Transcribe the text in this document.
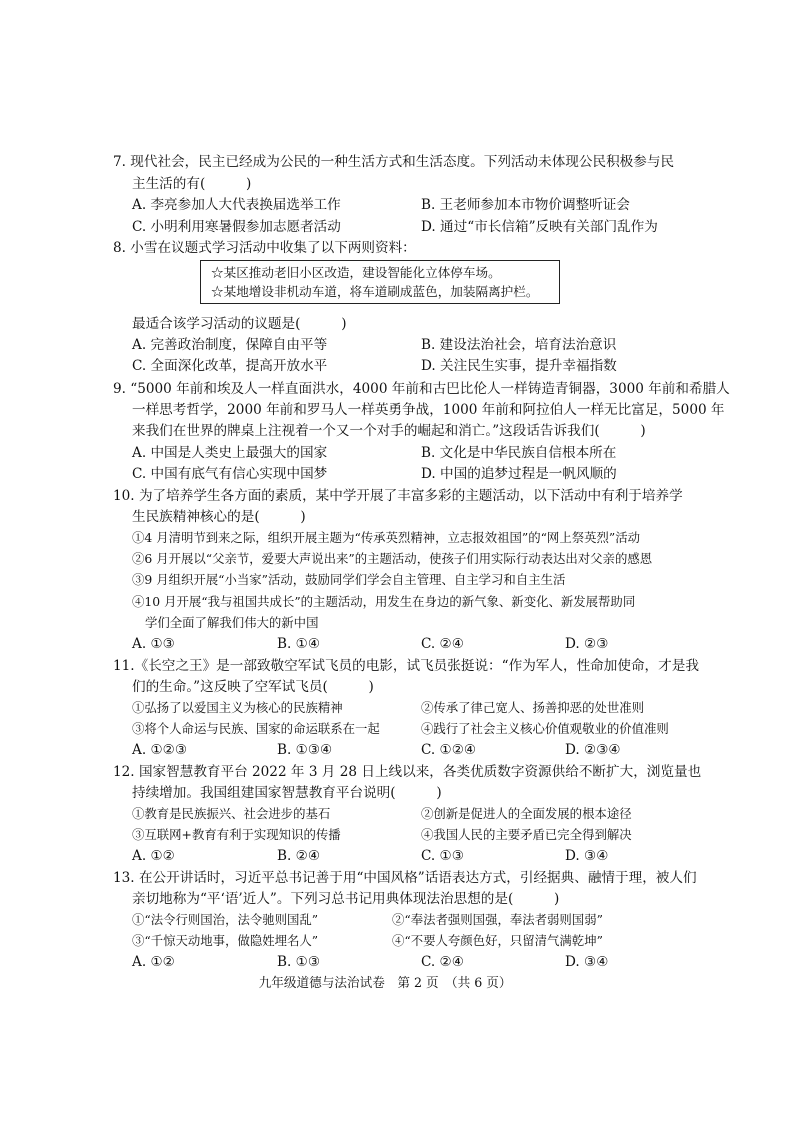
7. 现代社会，民主已经成为公民的一种生活方式和生活态度。下列活动未体现公民积极参与民
主生活的有(　　　)
A. 李亮参加人大代表换届选举工作	B. 王老师参加本市物价调整听证会
C. 小明利用寒暑假参加志愿者活动	D. 通过“市长信箱”反映有关部门乱作为
8. 小雪在议题式学习活动中收集了以下两则资料：
☆某区推动老旧小区改造，建设智能化立体停车场。
☆某地增设非机动车道，将车道刷成蓝色，加装隔离护栏。
最适合该学习活动的议题是(　　　)
A. 完善政治制度，保障自由平等	B. 建设法治社会，培育法治意识
C. 全面深化改革，提高开放水平	D. 关注民生实事，提升幸福指数
9. “5000 年前和埃及人一样直面洪水，4000 年前和古巴比伦人一样铸造青铜器，3000 年前和希腊人
一样思考哲学，2000 年前和罗马人一样英勇争战，1000 年前和阿拉伯人一样无比富足，5000 年
来我们在世界的牌桌上注视着一个又一个对手的崛起和消亡。”这段话告诉我们(　　　)
A. 中国是人类史上最强大的国家	B. 文化是中华民族自信根本所在
C. 中国有底气有信心实现中国梦	D. 中国的追梦过程是一帆风顺的
10. 为了培养学生各方面的素质，某中学开展了丰富多彩的主题活动，以下活动中有利于培养学
生民族精神核心的是(　　　)
①4 月清明节到来之际，组织开展主题为“传承英烈精神，立志报效祖国”的“网上祭英烈”活动
②6 月开展以“父亲节，爱要大声说出来”的主题活动，使孩子们用实际行动表达出对父亲的感恩
③9 月组织开展“小当家”活动，鼓励同学们学会自主管理、自主学习和自主生活
④10 月开展“我与祖国共成长”的主题活动，用发生在身边的新气象、新变化、新发展帮助同
学们全面了解我们伟大的新中国
A. ①③	B. ①④	C. ②④	D. ②③
11.《长空之王》是一部致敬空军试飞员的电影，试飞员张挺说：“作为军人，性命加使命，才是我
们的生命。”这反映了空军试飞员(　　　)
①弘扬了以爱国主义为核心的民族精神	②传承了律己宽人、扬善抑恶的处世准则
③将个人命运与民族、国家的命运联系在一起	④践行了社会主义核心价值观敬业的价值准则
A. ①②③	B. ①③④	C. ①②④	D. ②③④
12. 国家智慧教育平台 2022 年 3 月 28 日上线以来，各类优质数字资源供给不断扩大，浏览量也
持续增加。我国组建国家智慧教育平台说明(　　　)
①教育是民族振兴、社会进步的基石	②创新是促进人的全面发展的根本途径
③互联网+教育有利于实现知识的传播	④我国人民的主要矛盾已完全得到解决
A. ①②	B. ②④	C. ①③	D. ③④
13. 在公开讲话时，习近平总书记善于用“中国风格”话语表达方式，引经据典、融情于理，被人们
亲切地称为“平‘语’近人”。下列习总书记用典体现法治思想的是(　　　)
①“法令行则国治，法令驰则国乱”	②“奉法者强则国强，奉法者弱则国弱”
③“千惊天动地事，做隐姓埋名人”	④“不要人夸颜色好，只留清气满乾坤”
A. ①②	B. ①③	C. ②④	D. ③④
九年级道德与法治试卷　第 2 页　（共 6 页）
